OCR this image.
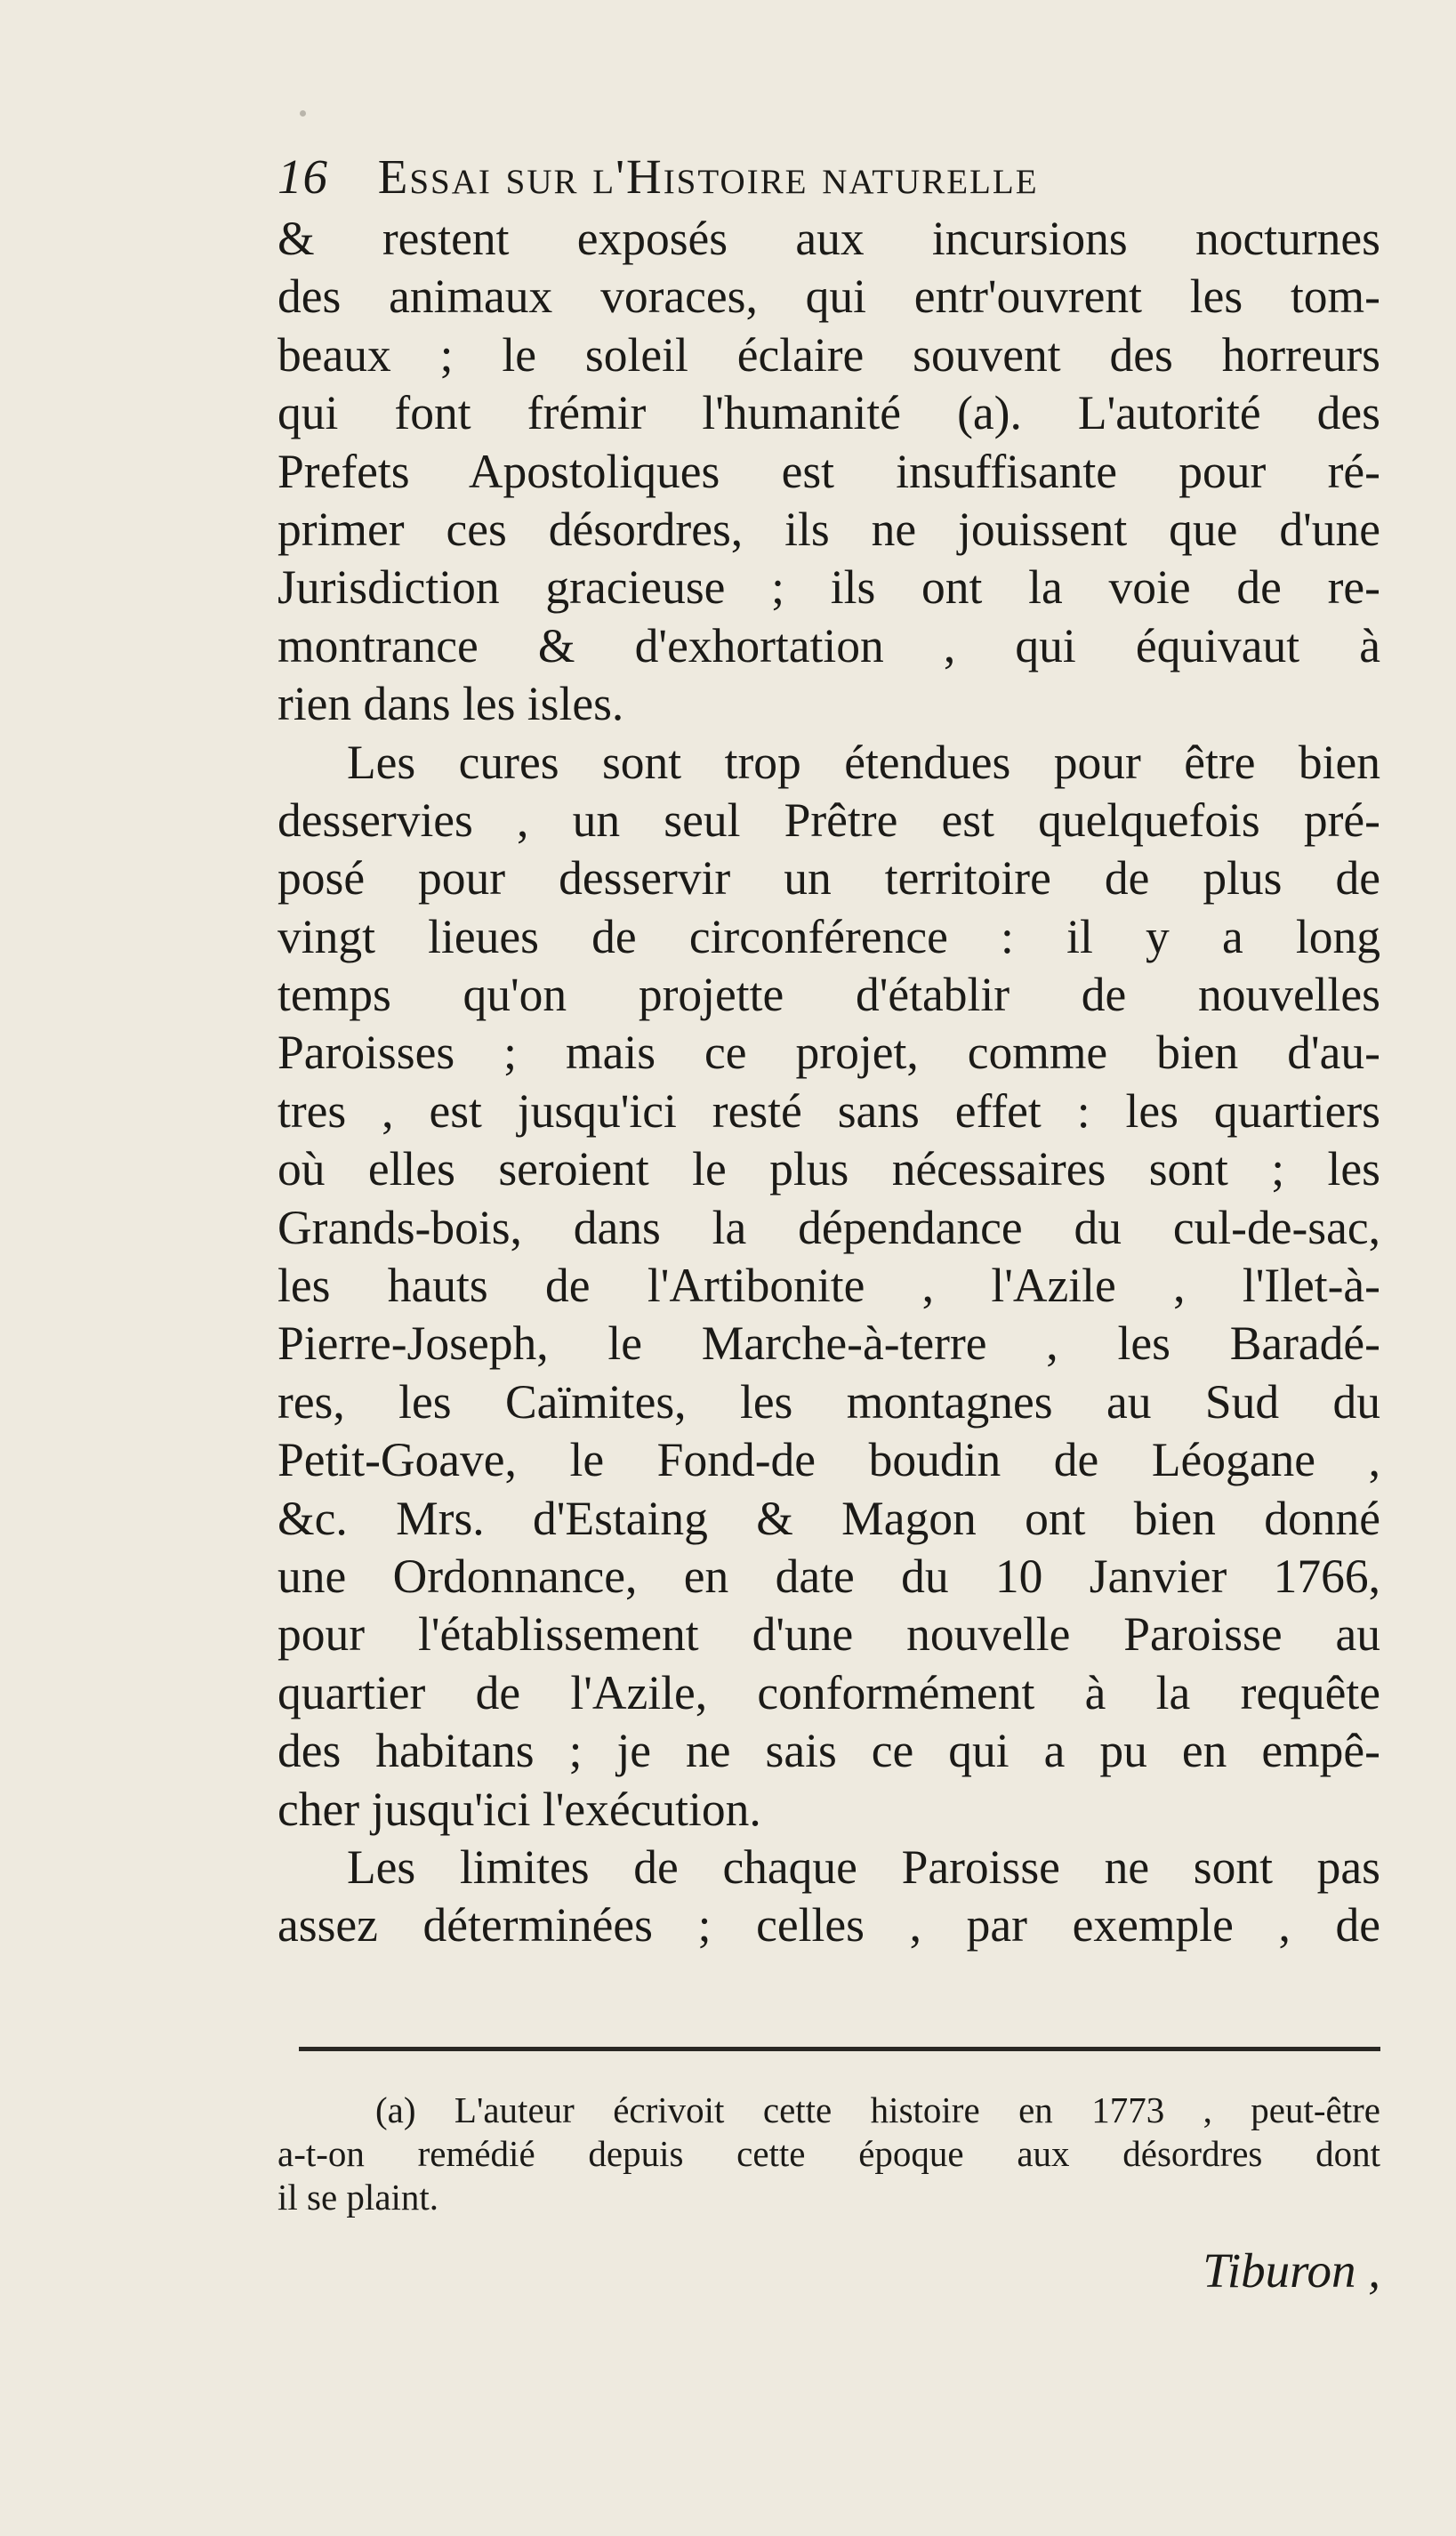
16 Essai sur l'Histoire naturelle
& restent exposés aux incursions nocturnes
des animaux voraces, qui entr'ouvrent les tom-
beaux ; le soleil éclaire souvent des horreurs
qui font frémir l'humanité (a). L'autorité des
Prefets Apostoliques est insuffisante pour ré-
primer ces désordres, ils ne jouissent que d'une
Jurisdiction gracieuse ; ils ont la voie de re-
montrance & d'exhortation , qui équivaut à
rien dans les isles.
Les cures sont trop étendues pour être bien
desservies , un seul Prêtre est quelquefois pré-
posé pour desservir un territoire de plus de
vingt lieues de circonférence : il y a long
temps qu'on projette d'établir de nouvelles
Paroisses ; mais ce projet, comme bien d'au-
tres , est jusqu'ici resté sans effet : les quartiers
où elles seroient le plus nécessaires sont ; les
Grands-bois, dans la dépendance du cul-de-sac,
les hauts de l'Artibonite , l'Azile , l'Ilet-à-
Pierre-Joseph, le Marche-à-terre , les Baradé-
res, les Caïmites, les montagnes au Sud du
Petit-Goave, le Fond-de boudin de Léogane ,
&c. Mrs. d'Estaing & Magon ont bien donné
une Ordonnance, en date du 10 Janvier 1766,
pour l'établissement d'une nouvelle Paroisse au
quartier de l'Azile, conformément à la requête
des habitans ; je ne sais ce qui a pu en empê-
cher jusqu'ici l'exécution.
Les limites de chaque Paroisse ne sont pas
assez déterminées ; celles , par exemple , de
(a) L'auteur écrivoit cette histoire en 1773 , peut-être
a-t-on remédié depuis cette époque aux désordres dont
il se plaint.
Tiburon ,
